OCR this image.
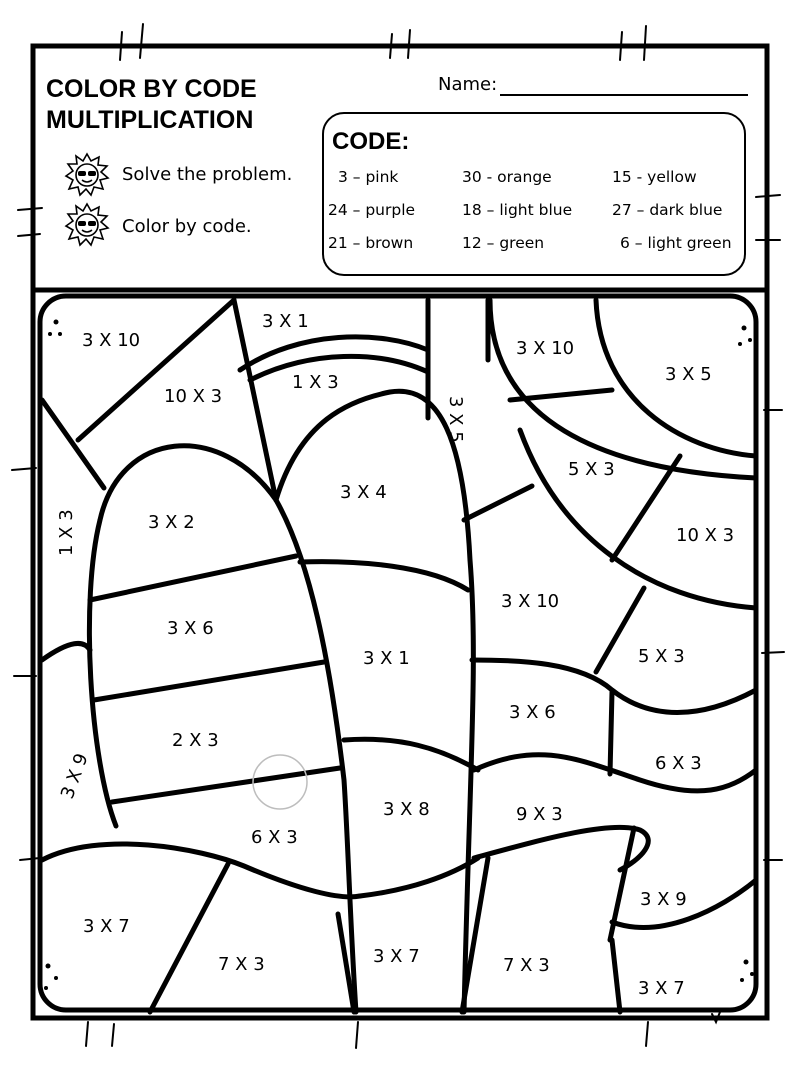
3 X 10
3 X 1
1 X 3
10 X 3
3 X 10
3 X 5
3 X 5
1 X 3
3 X 4
3 X 2
5 X 3
10 X 3
3 X 6
3 X 10
3 X 1	5 X 3
2 X 3
3 X 6
3 X 9	6 X 3
3 X 8
6 X 3
9 X 3
3 X 9
3 X 7
7 X 3	3 X 7	7 X 3
3 X 7
COLOR BY CODE
MULTIPLICATION
Name:
Solve the problem.
Color by code.
CODE:
3 – pink	30 - orange	15 - yellow
24 – purple	18 – light blue	27 – dark blue
21 – brown	12 – green	6 – light green
